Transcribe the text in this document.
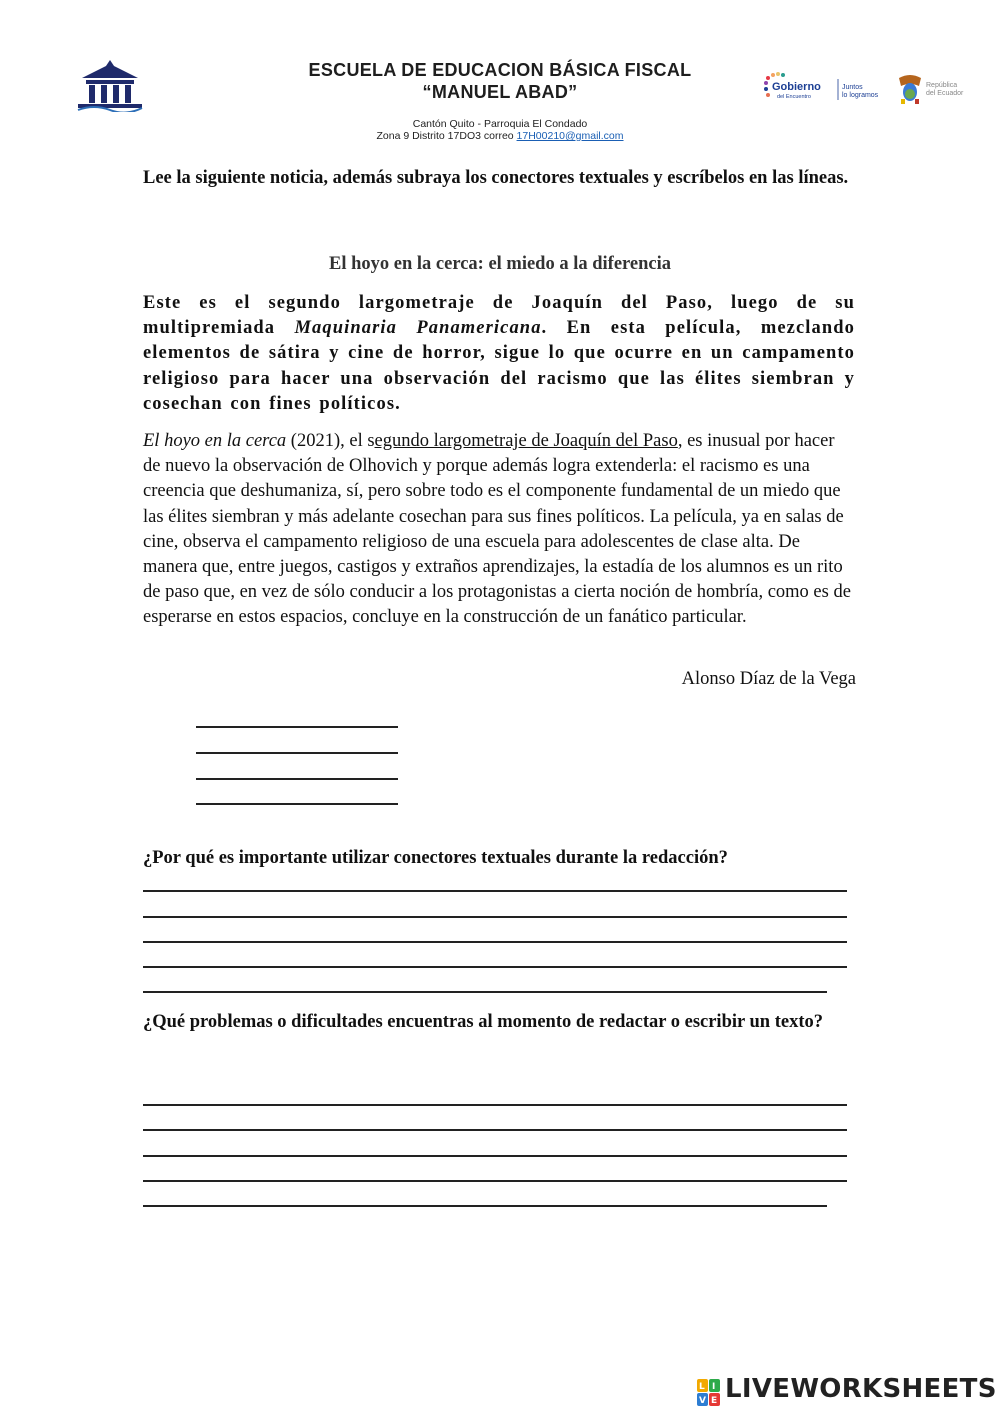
ESCUELA DE EDUCACION BÁSICA FISCAL
“MANUEL ABAD”
Cantón Quito - Parroquia El Condado
Zona 9 Distrito 17DO3 correo 17H00210@gmail.com
Gobierno
del Encuentro
Juntos
lo logramos
República
del Ecuador
Lee la siguiente noticia, además subraya los conectores textuales y escríbelos en las líneas.
El hoyo en la cerca: el miedo a la diferencia
Este es el segundo largometraje de Joaquín del Paso, luego de su multipremiada Maquinaria Panamericana. En esta película, mezclando elementos de sátira y cine de horror, sigue lo que ocurre en un campamento religioso para hacer una observación del racismo que las élites siembran y cosechan con fines políticos.
El hoyo en la cerca (2021), el segundo largometraje de Joaquín del Paso, es inusual por hacer de nuevo la observación de Olhovich y porque además logra extenderla: el racismo es una creencia que deshumaniza, sí, pero sobre todo es el componente fundamental de un miedo que las élites siembran y más adelante cosechan para sus fines políticos. La película, ya en salas de cine, observa el campamento religioso de una escuela para adolescentes de clase alta. De manera que, entre juegos, castigos y extraños aprendizajes, la estadía de los alumnos es un rito de paso que, en vez de sólo conducir a los protagonistas a cierta noción de hombría, como es de esperarse en estos espacios, concluye en la construcción de un fanático particular.
Alonso Díaz de la Vega
¿Por qué es importante utilizar conectores textuales durante la redacción?
¿Qué problemas o dificultades encuentras al momento de redactar o escribir un texto?
L I
V E LIVEWORKSHEETS
